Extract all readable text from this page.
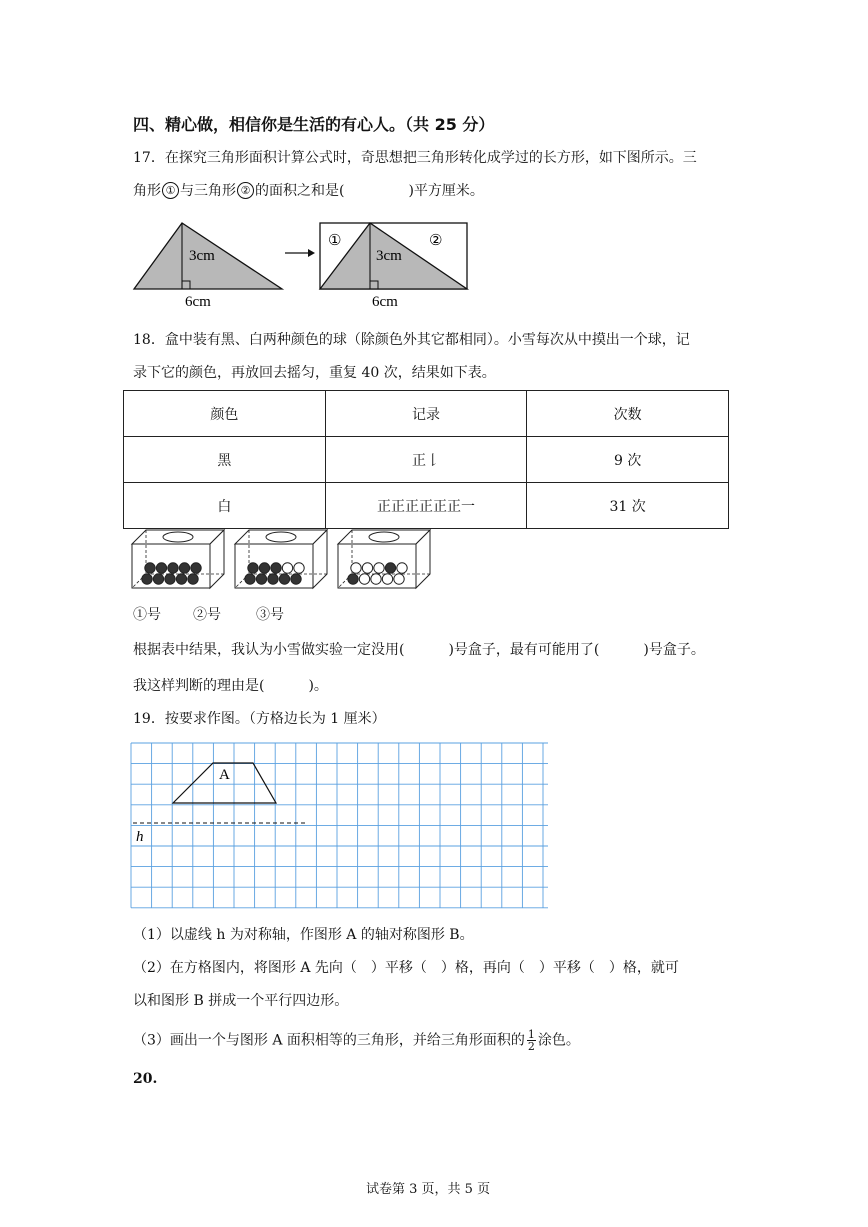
四、精心做，相信你是生活的有心人。（共 25 分）
17．在探究三角形面积计算公式时，奇思想把三角形转化成学过的长方形，如下图所示。三
角形 ① 与三角形 ② 的面积之和是(	)平方厘米。
3cm
6cm
3cm
6cm
①	②
18．盒中装有黑、白两种颜色的球（除颜色外其它都相同）。小雪每次从中摸出一个球，记
录下它的颜色，再放回去摇匀，重复 40 次，结果如下表。
颜色	记录	次数
黑	正𠄌	9 次
白	正正正正正正一	31 次
①号 ②号	③号
根据表中结果，我认为小雪做实验一定没用(	)号盒子，最有可能用了(	)号盒子。
我这样判断的理由是(	)。
19．按要求作图。（方格边长为 1 厘米）
A
h
（1）以虚线 h 为对称轴，作图形 A 的轴对称图形 B。
（2）在方格图内，将图形 A 先向（　）平移（　）格，再向（　）平移（　）格，就可
以和图形 B 拼成一个平行四边形。
（3）画出一个与图形 A 面积相等的三角形，并给三角形面积的 $\frac{1}{2}$ 涂色。
20.
试卷第 3 页，共 5 页
